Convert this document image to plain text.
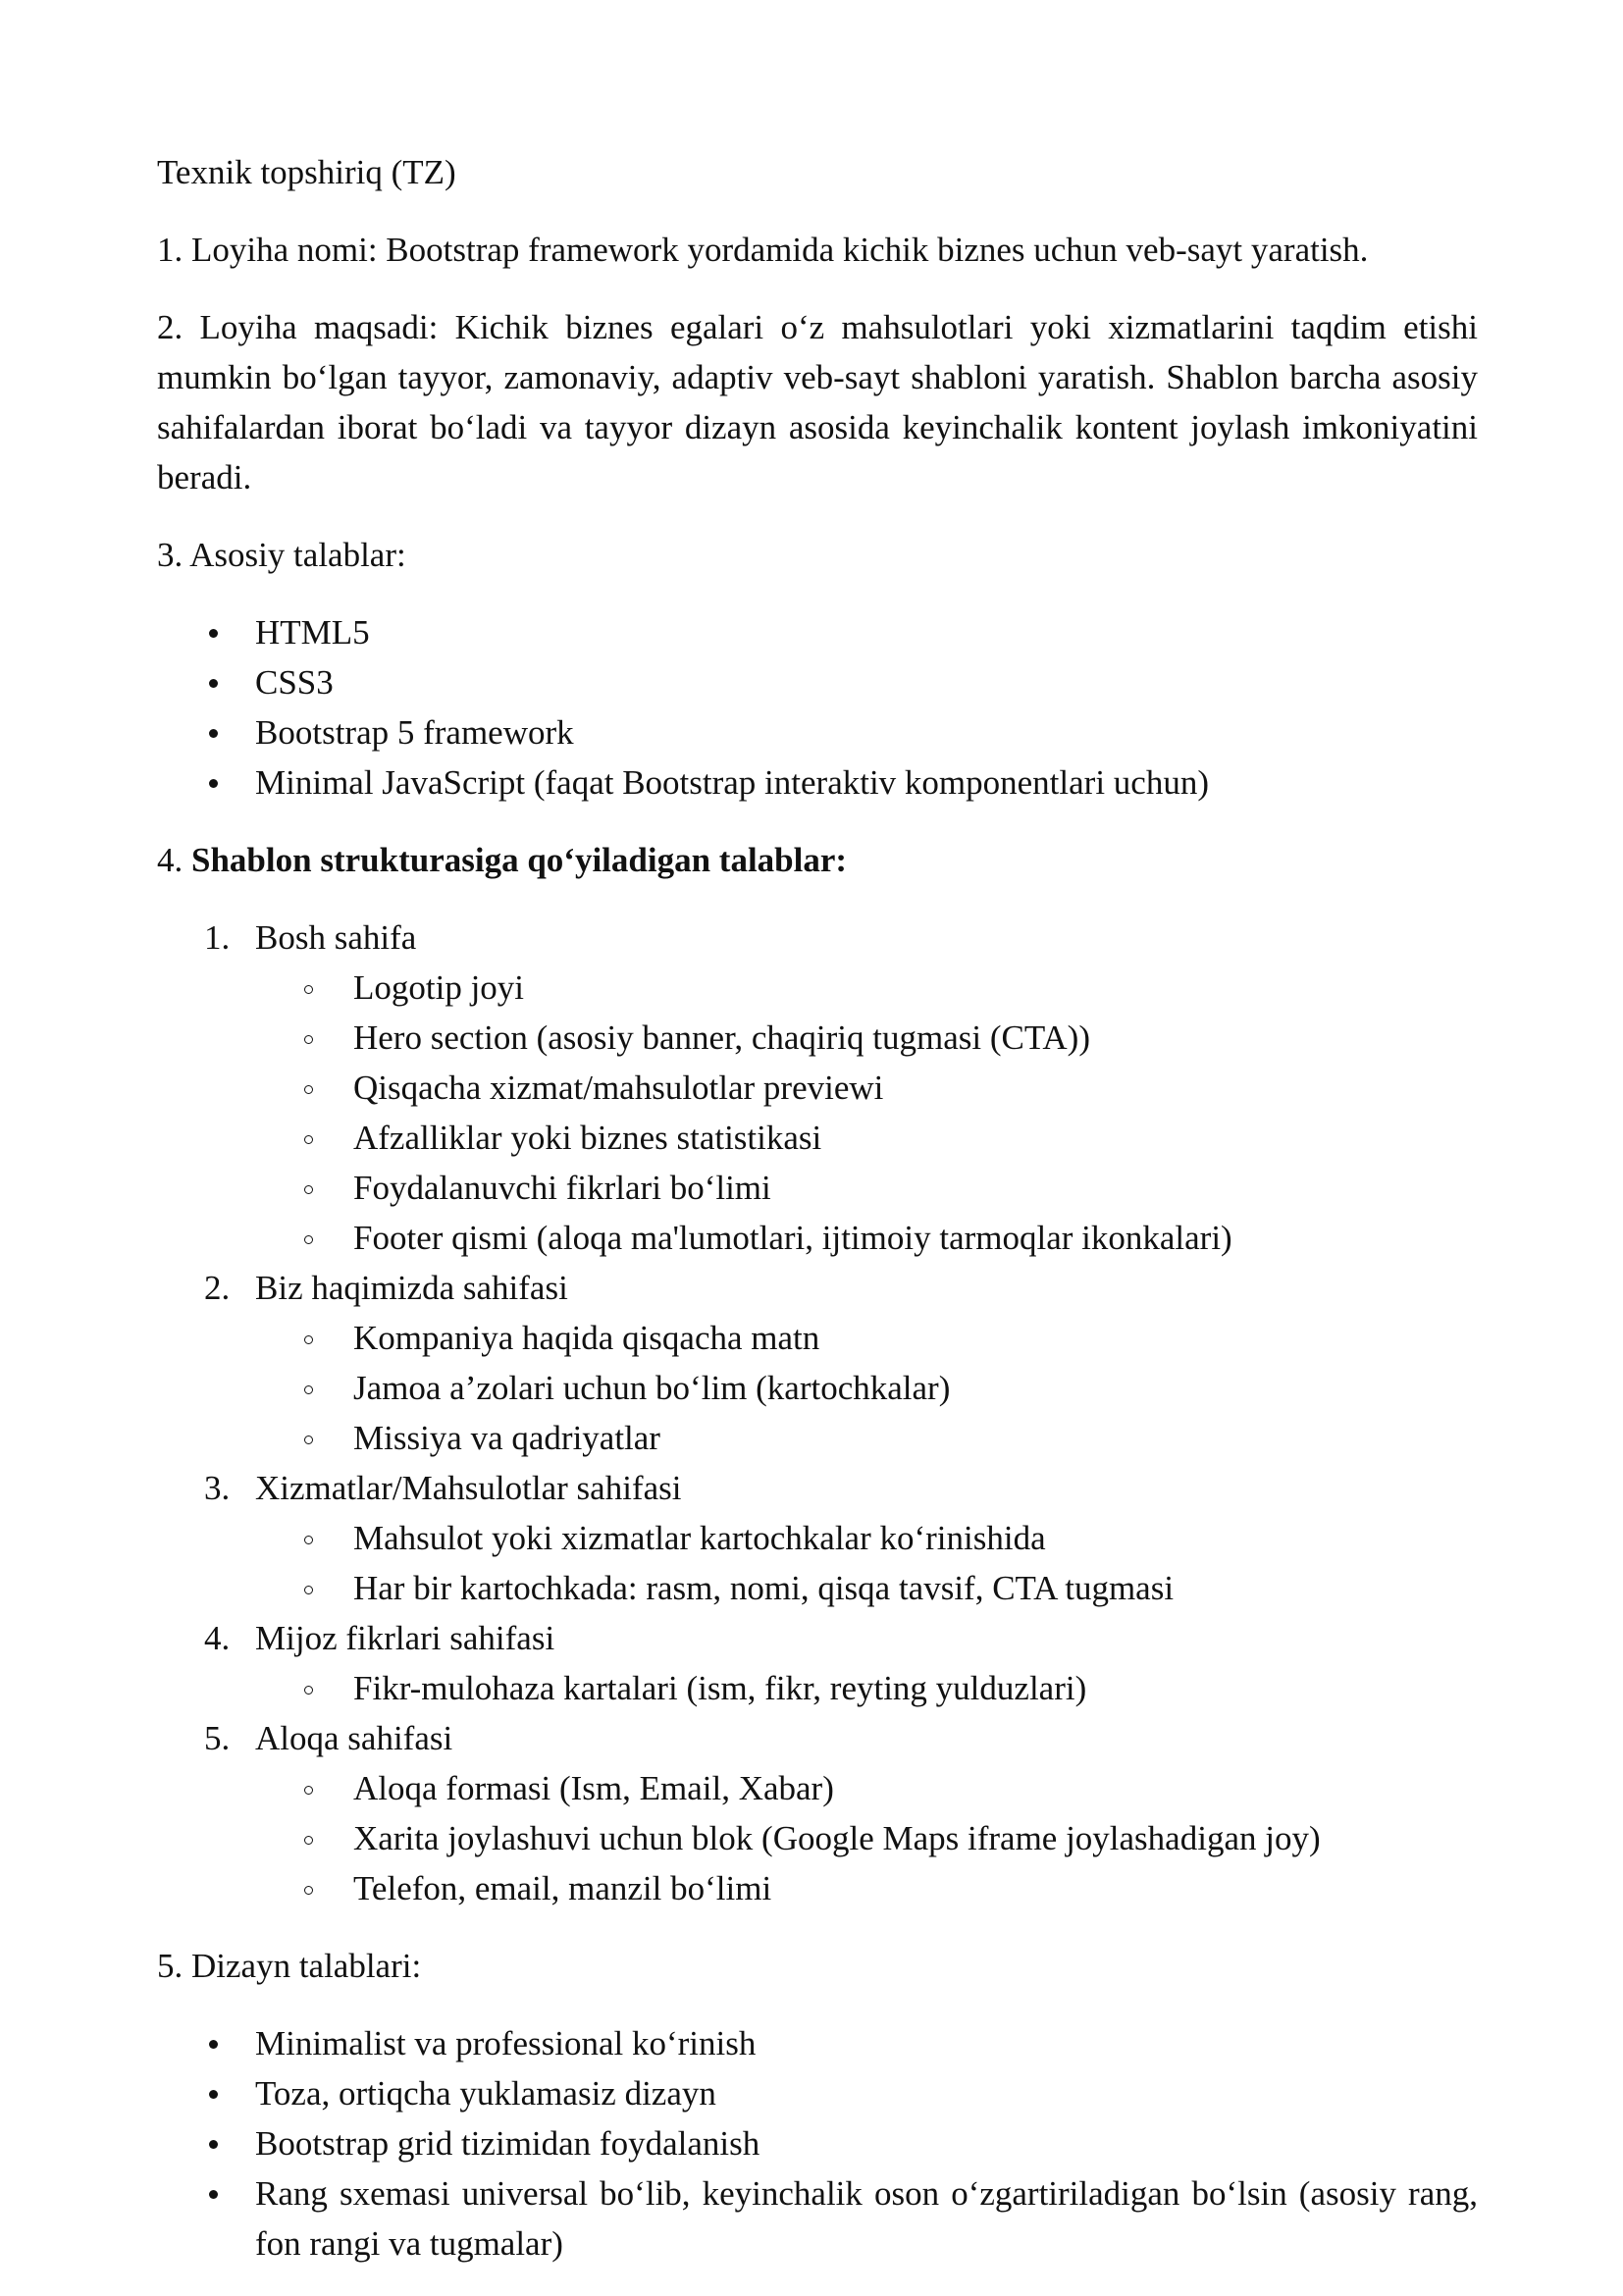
Texnik topshiriq (TZ)

1. Loyiha nomi: Bootstrap framework yordamida kichik biznes uchun veb-sayt yaratish.

2. Loyiha maqsadi: Kichik biznes egalari o‘z mahsulotlari yoki xizmatlarini taqdim etishi mumkin bo‘lgan tayyor, zamonaviy, adaptiv veb-sayt shabloni yaratish. Shablon barcha asosiy sahifalardan iborat bo‘ladi va tayyor dizayn asosida keyinchalik kontent joylash imkoniyatini beradi.

3. Asosiy talablar:

HTML5
CSS3
Bootstrap 5 framework
Minimal JavaScript (faqat Bootstrap interaktiv komponentlari uchun)

4. Shablon strukturasiga qo‘yiladigan talablar:

1. Bosh sahifa
Logotip joyi
Hero section (asosiy banner, chaqiriq tugmasi (CTA))
Qisqacha xizmat/mahsulotlar previewi
Afzalliklar yoki biznes statistikasi
Foydalanuvchi fikrlari bo‘limi
Footer qismi (aloqa ma'lumotlari, ijtimoiy tarmoqlar ikonkalari)
2. Biz haqimizda sahifasi
Kompaniya haqida qisqacha matn
Jamoa a’zolari uchun bo‘lim (kartochkalar)
Missiya va qadriyatlar
3. Xizmatlar/Mahsulotlar sahifasi
Mahsulot yoki xizmatlar kartochkalar ko‘rinishida
Har bir kartochkada: rasm, nomi, qisqa tavsif, CTA tugmasi
4. Mijoz fikrlari sahifasi
Fikr-mulohaza kartalari (ism, fikr, reyting yulduzlari)
5. Aloqa sahifasi
Aloqa formasi (Ism, Email, Xabar)
Xarita joylashuvi uchun blok (Google Maps iframe joylashadigan joy)
Telefon, email, manzil bo‘limi

5. Dizayn talablari:

Minimalist va professional ko‘rinish
Toza, ortiqcha yuklamasiz dizayn
Bootstrap grid tizimidan foydalanish
Rang sxemasi universal bo‘lib, keyinchalik oson o‘zgartiriladigan bo‘lsin (asosiy rang, fon rangi va tugmalar)
